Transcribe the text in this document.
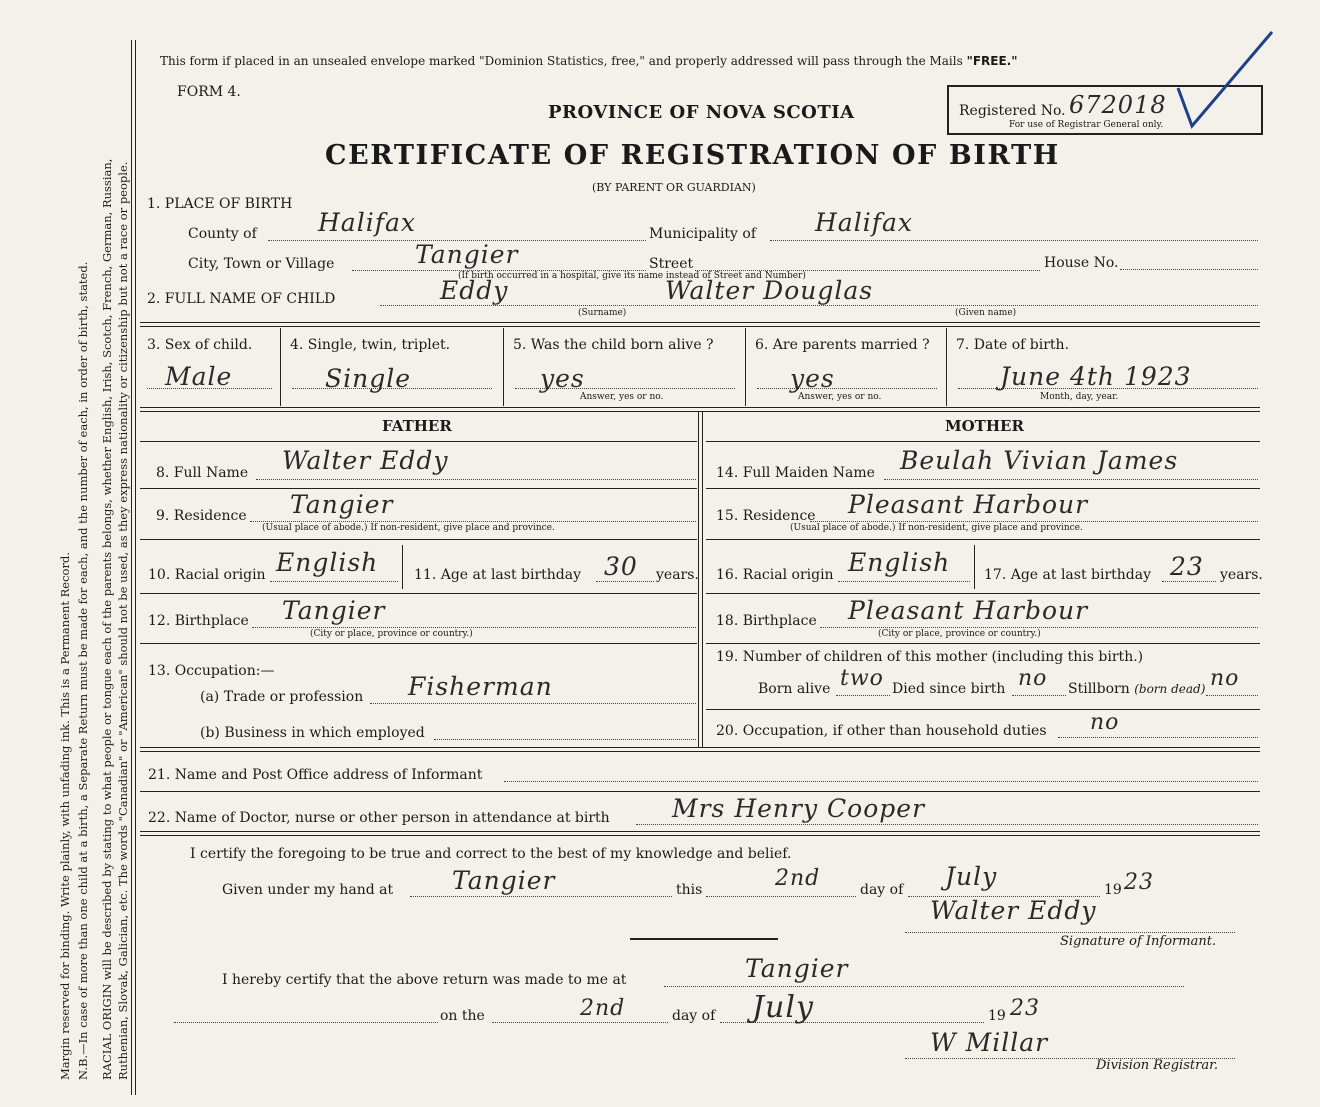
Margin reserved for binding. Write plainly, with unfading ink. This is a Permanent Record. N.B.—In case of more than one child at a birth, a Separate Return must be made for each, and the number of each, in order of birth, stated. RACIAL ORIGIN will be described by stating to what people or tongue each of the parents belongs, whether English, Irish, Scotch, French, German, Russian, Ruthenian, Slovak, Galician, etc. The words "Canadian" or "American" should not be used, as they express nationality or citizenship but not a race or people.
This form if placed in an unsealed envelope marked "Dominion Statistics, free," and properly addressed will pass through the Mails "FREE."
FORM 4.
PROVINCE OF NOVA SCOTIA
CERTIFICATE OF REGISTRATION OF BIRTH
(BY PARENT OR GUARDIAN)
Registered No. 672018
For use of Registrar General only.
1. PLACE OF BIRTH
County of Halifax	Municipality of Halifax
City, Town or Village	Tangier	Street	House No.
(If birth occurred in a hospital, give its name instead of Street and Number)
2. FULL NAME OF CHILD	Eddy	Walter Douglas
(Surname)	(Given name)
3. Sex of child.
Male
4. Single, twin, triplet.
Single
5. Was the child born alive ?
yes
Answer, yes or no.
6. Are parents married ?
yes
Answer, yes or no.
7. Date of birth.
June 4th 1923
Month, day, year.
FATHER	MOTHER
8. Full Name Walter Eddy
9. Residence Tangier
(Usual place of abode.) If non-resident, give place and province.
10. Racial origin English	11. Age at last birthday 30 years.
12. Birthplace Tangier
(City or place, province or country.)
13. Occupation:—
(a) Trade or profession Fisherman
(b) Business in which employed
14. Full Maiden Name Beulah Vivian James
15. Residence Pleasant Harbour
(Usual place of abode.) If non-resident, give place and province.
16. Racial origin English 17. Age at last birthday 23 years.
18. Birthplace Pleasant Harbour
(City or place, province or country.)
19. Number of children of this mother (including this birth.)
Born alive two Died since birth no Stillborn (born dead) no
20. Occupation, if other than household duties no
21. Name and Post Office address of Informant
22. Name of Doctor, nurse or other person in attendance at birth Mrs Henry Cooper
I certify the foregoing to be true and correct to the best of my knowledge and belief.
Given under my hand at Tangier	this	2nd	day of July	19 23
Walter Eddy
Signature of Informant.
I hereby certify that the above return was made to me at	Tangier
on the	2nd	day of July	19 23
W Millar
Division Registrar.
